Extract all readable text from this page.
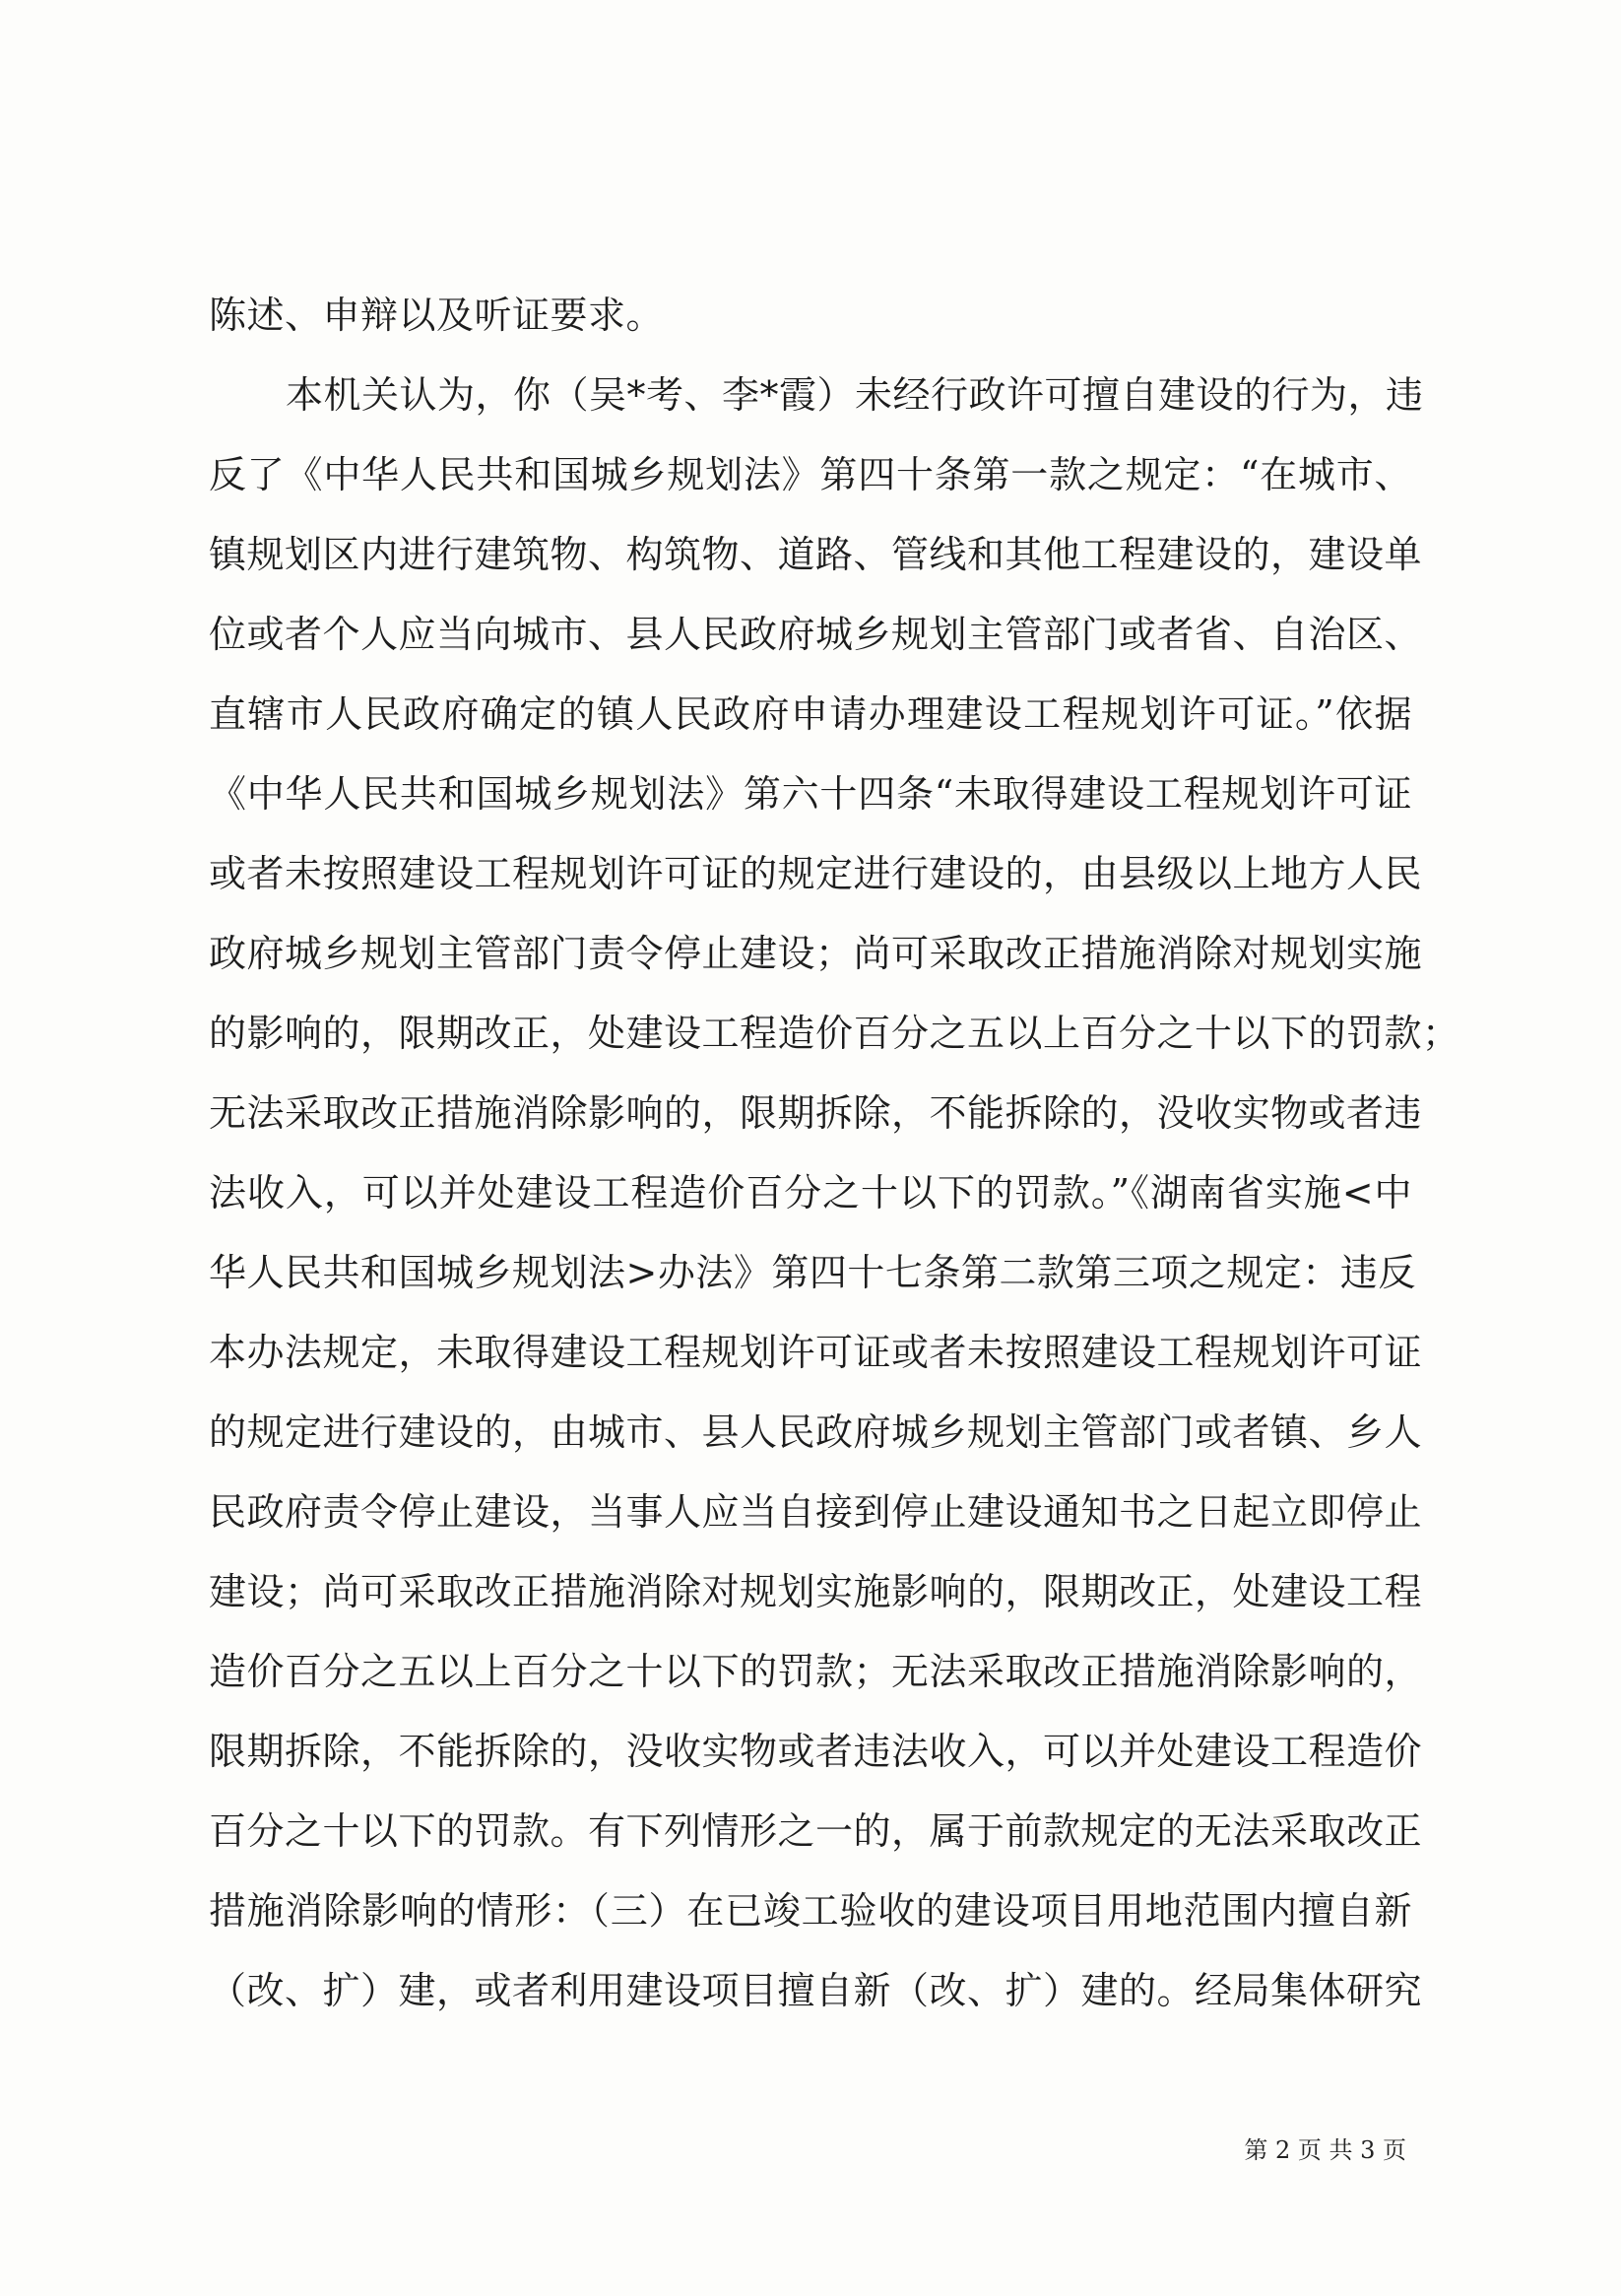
陈述、申辩以及听证要求。
本机关认为，你（吴*考、李*霞）未经行政许可擅自建设的行为，违
反了《中华人民共和国城乡规划法》第四十条第一款之规定：“在城市、
镇规划区内进行建筑物、构筑物、道路、管线和其他工程建设的，建设单
位或者个人应当向城市、县人民政府城乡规划主管部门或者省、自治区、
直辖市人民政府确定的镇人民政府申请办理建设工程规划许可证。”依据
《中华人民共和国城乡规划法》第六十四条“未取得建设工程规划许可证
或者未按照建设工程规划许可证的规定进行建设的，由县级以上地方人民
政府城乡规划主管部门责令停止建设；尚可采取改正措施消除对规划实施
的影响的，限期改正，处建设工程造价百分之五以上百分之十以下的罚款；
无法采取改正措施消除影响的，限期拆除，不能拆除的，没收实物或者违
法收入，可以并处建设工程造价百分之十以下的罚款。”《湖南省实施<中
华人民共和国城乡规划法>办法》第四十七条第二款第三项之规定：违反
本办法规定，未取得建设工程规划许可证或者未按照建设工程规划许可证
的规定进行建设的，由城市、县人民政府城乡规划主管部门或者镇、乡人
民政府责令停止建设，当事人应当自接到停止建设通知书之日起立即停止
建设；尚可采取改正措施消除对规划实施影响的，限期改正，处建设工程
造价百分之五以上百分之十以下的罚款；无法采取改正措施消除影响的，
限期拆除，不能拆除的，没收实物或者违法收入，可以并处建设工程造价
百分之十以下的罚款。有下列情形之一的，属于前款规定的无法采取改正
措施消除影响的情形：（三）在已竣工验收的建设项目用地范围内擅自新
（改、扩）建，或者利用建设项目擅自新（改、扩）建的。经局集体研究
第 2 页 共 3 页
